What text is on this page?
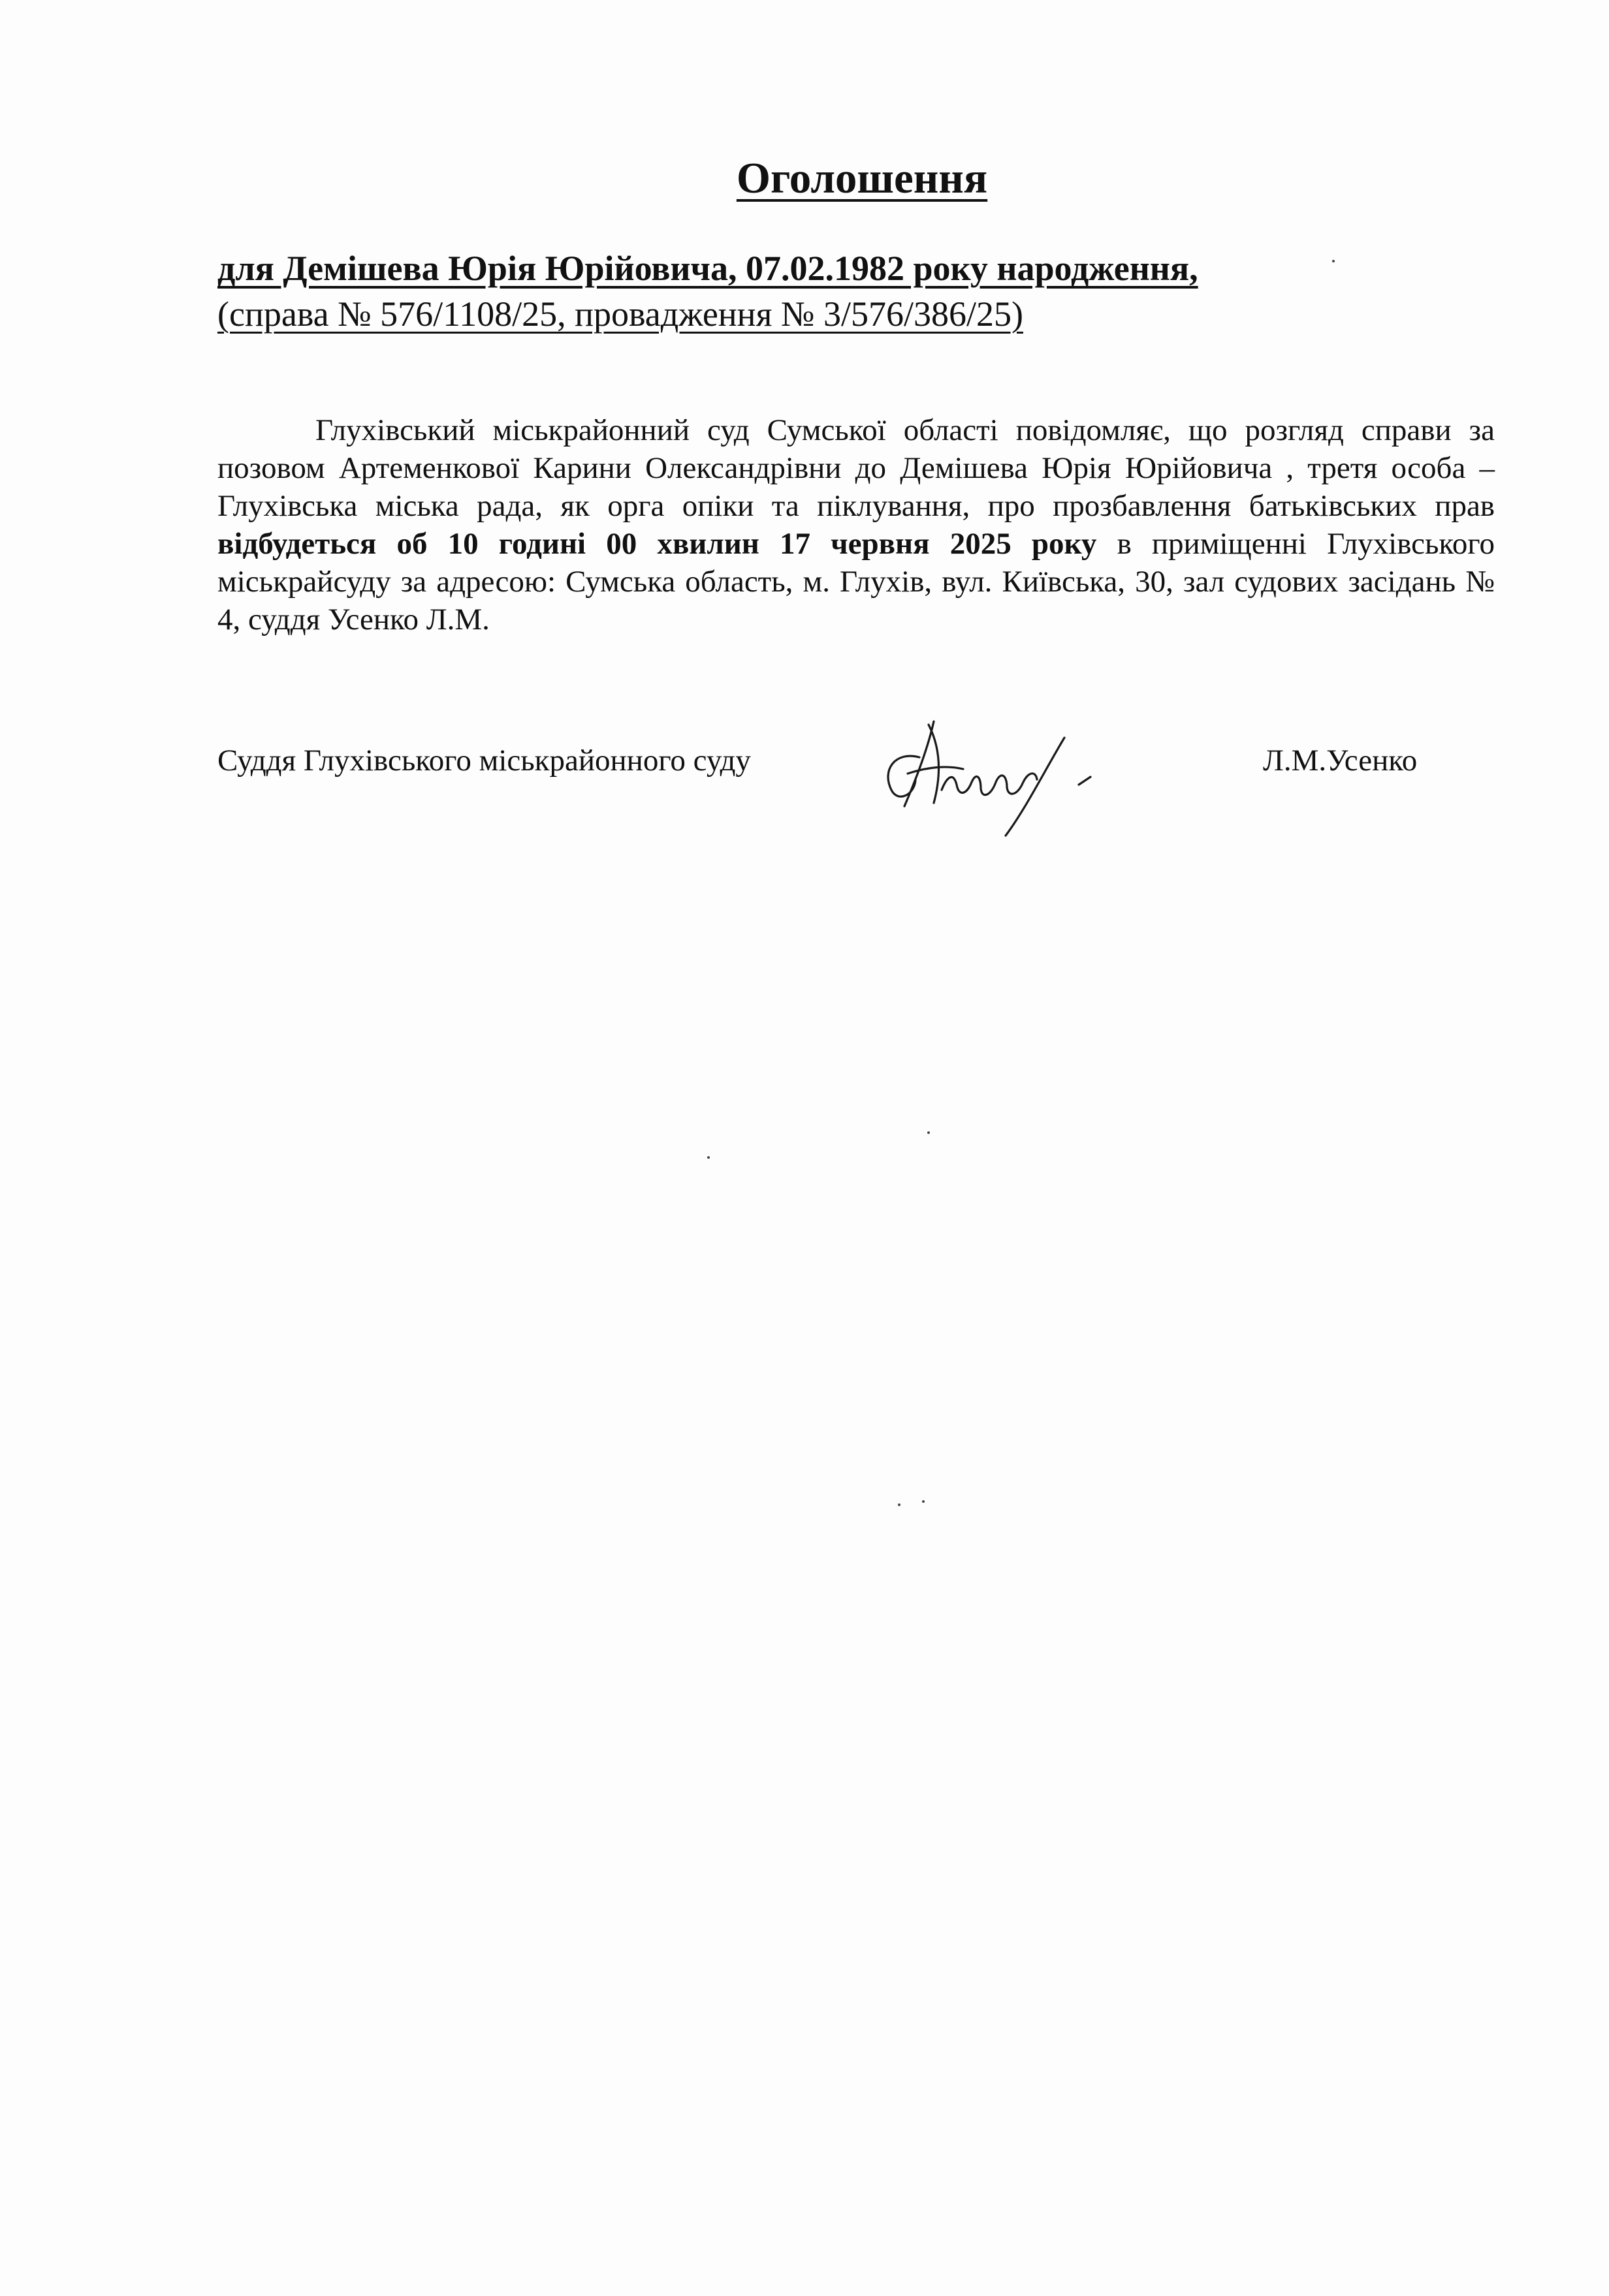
Оголошення
для Демішева Юрія Юрійовича, 07.02.1982 року народження,
(справа № 576/1108/25, провадження № 3/576/386/25)
Глухівський міськрайонний суд Сумської області повідомляє, що розгляд справи за позовом Артеменкової Карини Олександрівни до Демішева Юрія Юрійовича , третя особа – Глухівська міська рада, як орга опіки та піклування, про прозбавлення батьківських прав відбудеться об 10 годині 00 хвилин 17 червня 2025 року в приміщенні Глухівського міськрайсуду за адресою: Сумська область, м. Глухів, вул. Київська, 30, зал судових засідань № 4, суддя Усенко Л.М.
Суддя Глухівського міськрайонного суду	Л.М.Усенко
